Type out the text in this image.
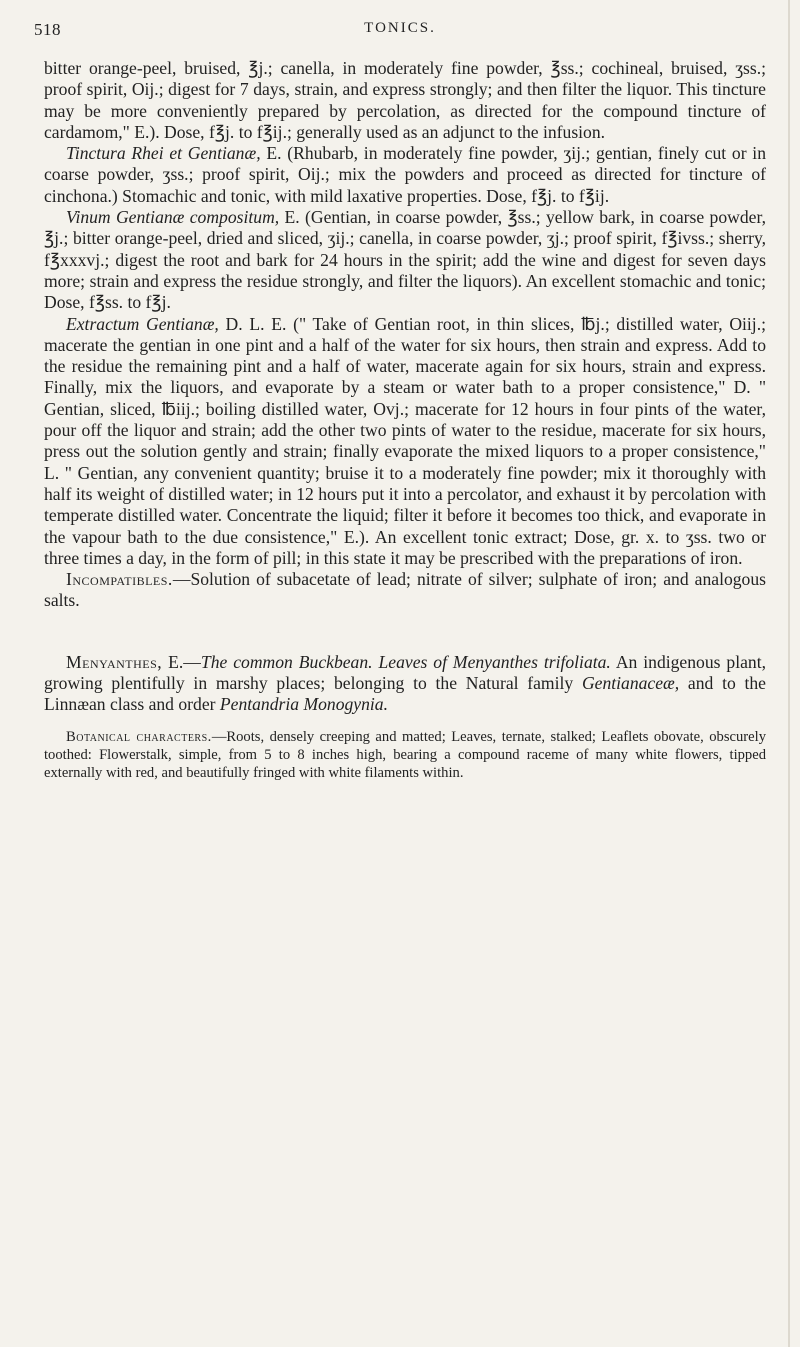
518	TONICS.

bitter orange-peel, bruised, ℥j.; canella, in moderately fine powder, ℥ss.; cochineal, bruised, ʒss.; proof spirit, Oij.; digest for 7 days, strain, and express strongly; and then filter the liquor. This tincture may be more conveniently prepared by percolation, as directed for the compound tincture of cardamom," E.). Dose, f℥j. to f℥ij.; generally used as an adjunct to the infusion.

Tinctura Rhei et Gentianæ, E. (Rhubarb, in moderately fine powder, ʒij.; gentian, finely cut or in coarse powder, ʒss.; proof spirit, Oij.; mix the powders and proceed as directed for tincture of cinchona.) Stomachic and tonic, with mild laxative properties. Dose, f℥j. to f℥ij.

Vinum Gentianæ compositum, E. (Gentian, in coarse powder, ℥ss.; yellow bark, in coarse powder, ℥j.; bitter orange-peel, dried and sliced, ʒij.; canella, in coarse powder, ʒj.; proof spirit, f℥ivss.; sherry, f℥xxxvj.; digest the root and bark for 24 hours in the spirit; add the wine and digest for seven days more; strain and express the residue strongly, and filter the liquors). An excellent stomachic and tonic; Dose, f℥ss. to f℥j.

Extractum Gentianæ, D. L. E. (" Take of Gentian root, in thin slices, ℔j.; distilled water, Oiij.; macerate the gentian in one pint and a half of the water for six hours, then strain and express. Add to the residue the remaining pint and a half of water, macerate again for six hours, strain and express. Finally, mix the liquors, and evaporate by a steam or water bath to a proper consistence," D. " Gentian, sliced, ℔iij.; boiling distilled water, Ovj.; macerate for 12 hours in four pints of the water, pour off the liquor and strain; add the other two pints of water to the residue, macerate for six hours, press out the solution gently and strain; finally evaporate the mixed liquors to a proper consistence," L. " Gentian, any convenient quantity; bruise it to a moderately fine powder; mix it thoroughly with half its weight of distilled water; in 12 hours put it into a percolator, and exhaust it by percolation with temperate distilled water. Concentrate the liquid; filter it before it becomes too thick, and evaporate in the vapour bath to the due consistence," E.). An excellent tonic extract; Dose, gr. x. to ʒss. two or three times a day, in the form of pill; in this state it may be prescribed with the preparations of iron.

Incompatibles.—Solution of subacetate of lead; nitrate of silver; sulphate of iron; and analogous salts.

Menyanthes, E.—The common Buckbean. Leaves of Menyanthes trifoliata. An indigenous plant, growing plentifully in marshy places; belonging to the Natural family Gentianaceæ, and to the Linnæan class and order Pentandria Monogynia.

Botanical characters.—Roots, densely creeping and matted; Leaves, ternate, stalked; Leaflets obovate, obscurely toothed: Flowerstalk, simple, from 5 to 8 inches high, bearing a compound raceme of many white flowers, tipped externally with red, and beautifully fringed with white filaments within.
